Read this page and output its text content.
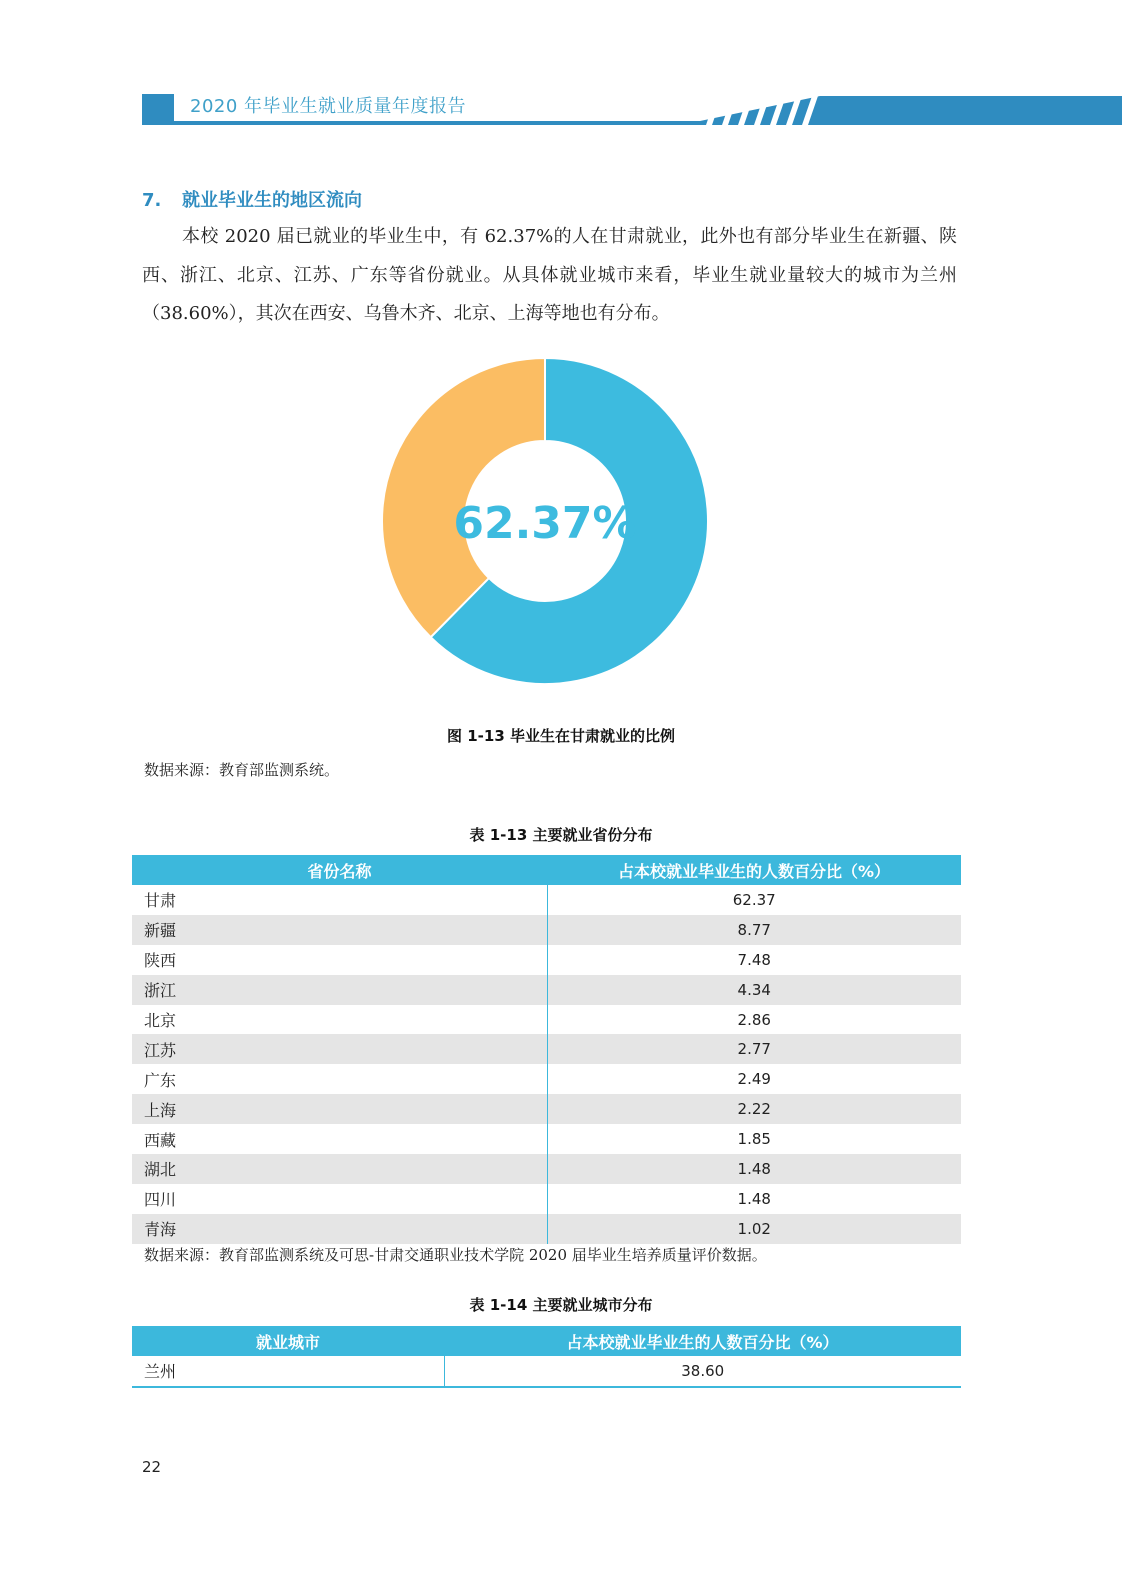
2020 年毕业生就业质量年度报告
7. 就业毕业生的地区流向
本校 2020 届已就业的毕业生中，有 62.37%的人在甘肃就业，此外也有部分毕业生在新疆、陕西、浙江、北京、江苏、广东等省份就业。从具体就业城市来看，毕业生就业量较大的城市为兰州（38.60%），其次在西安、乌鲁木齐、北京、上海等地也有分布。
62.37%
图 1-13 毕业生在甘肃就业的比例
数据来源：教育部监测系统。
表 1-13 主要就业省份分布
省份名称	占本校就业毕业生的人数百分比（%）
甘肃	62.37
新疆	8.77
陕西	7.48
浙江	4.34
北京	2.86
江苏	2.77
广东	2.49
上海	2.22
西藏	1.85
湖北	1.48
四川	1.48
青海	1.02
数据来源：教育部监测系统及可思-甘肃交通职业技术学院 2020 届毕业生培养质量评价数据。
表 1-14 主要就业城市分布
就业城市	占本校就业毕业生的人数百分比（%）
兰州	38.60
22
